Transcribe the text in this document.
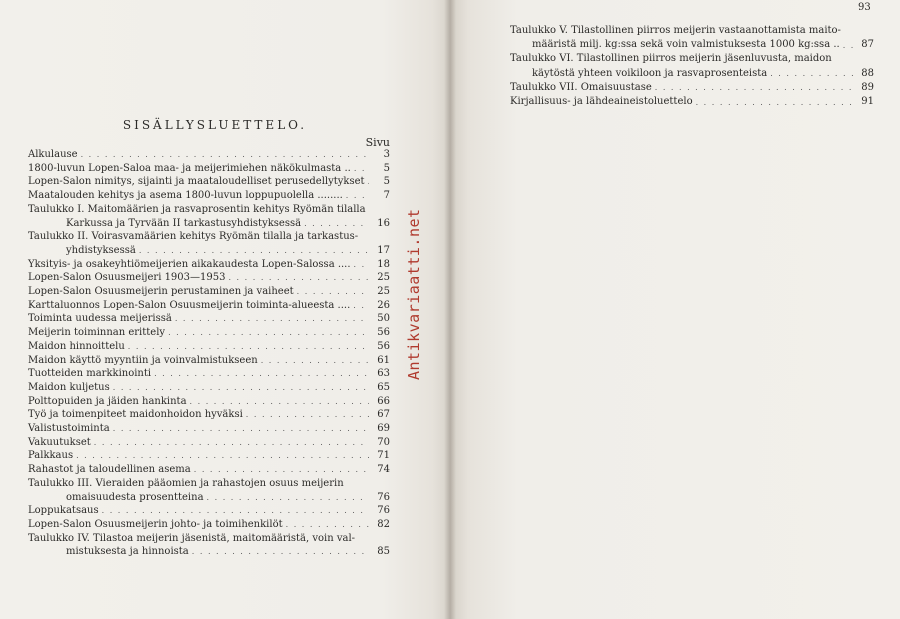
SISÄLLYSLUETTELO.
Sivu
Alkulause . . .	3
1800-luvun Lopen-Saloa maa- ja meijerimiehen näkökulmasta .. . . .	5
Lopen-Salon nimitys, sijainti ja maataloudelliset perusedellytykset . . .	5
Maatalouden kehitys ja asema 1800-luvun loppupuolella ........ . . .	7
Taulukko I. Maitomäärien ja rasvaprosentin kehitys Ryömän tilalla
Karkussa ja Tyrvään II tarkastusyhdistyksessä . . .	16
Taulukko II. Voirasvamäärien kehitys Ryömän tilalla ja tarkastus-
yhdistyksessä . . .	17
Yksityis- ja osakeyhtiömeijerien aikakaudesta Lopen-Salossa .... . . .	18
Lopen-Salon Osuusmeijeri 1903—1953 . . .	25
Lopen-Salon Osuusmeijerin perustaminen ja vaiheet . . .	25
Karttaluonnos Lopen-Salon Osuusmeijerin toiminta-alueesta .... . . .	26
Toiminta uudessa meijerissä . . .	50
Meijerin toiminnan erittely . . .	56
Maidon hinnoittelu . . .	56
Maidon käyttö myyntiin ja voinvalmistukseen . . .	61
Tuotteiden markkinointi . . .	63
Maidon kuljetus . . .	65
Polttopuiden ja jäiden hankinta . . .	66
Työ ja toimenpiteet maidonhoidon hyväksi . . .	67
Valistustoiminta . . .	69
Vakuutukset . . .	70
Palkkaus . . .	71
Rahastot ja taloudellinen asema . . .	74
Taulukko III. Vieraiden pääomien ja rahastojen osuus meijerin
omaisuudesta prosentteina . . .	76
Loppukatsaus . . .	76
Lopen-Salon Osuusmeijerin johto- ja toimihenkilöt . . .	82
Taulukko IV. Tilastoa meijerin jäsenistä, maitomääristä, voin val-
mistuksesta ja hinnoista . . .	85
93
Taulukko V. Tilastollinen piirros meijerin vastaanottamista maito-
määristä milj. kg:ssa sekä voin valmistuksesta 1000 kg:ssa .. . . .	87
Taulukko VI. Tilastollinen piirros meijerin jäsenluvusta, maidon
käytöstä yhteen voikiloon ja rasvaprosenteista . . .	88
Taulukko VII. Omaisuustase . . .	89
Kirjallisuus- ja lähdeaineistoluettelo . . .	91
Antikvariaatti.net
